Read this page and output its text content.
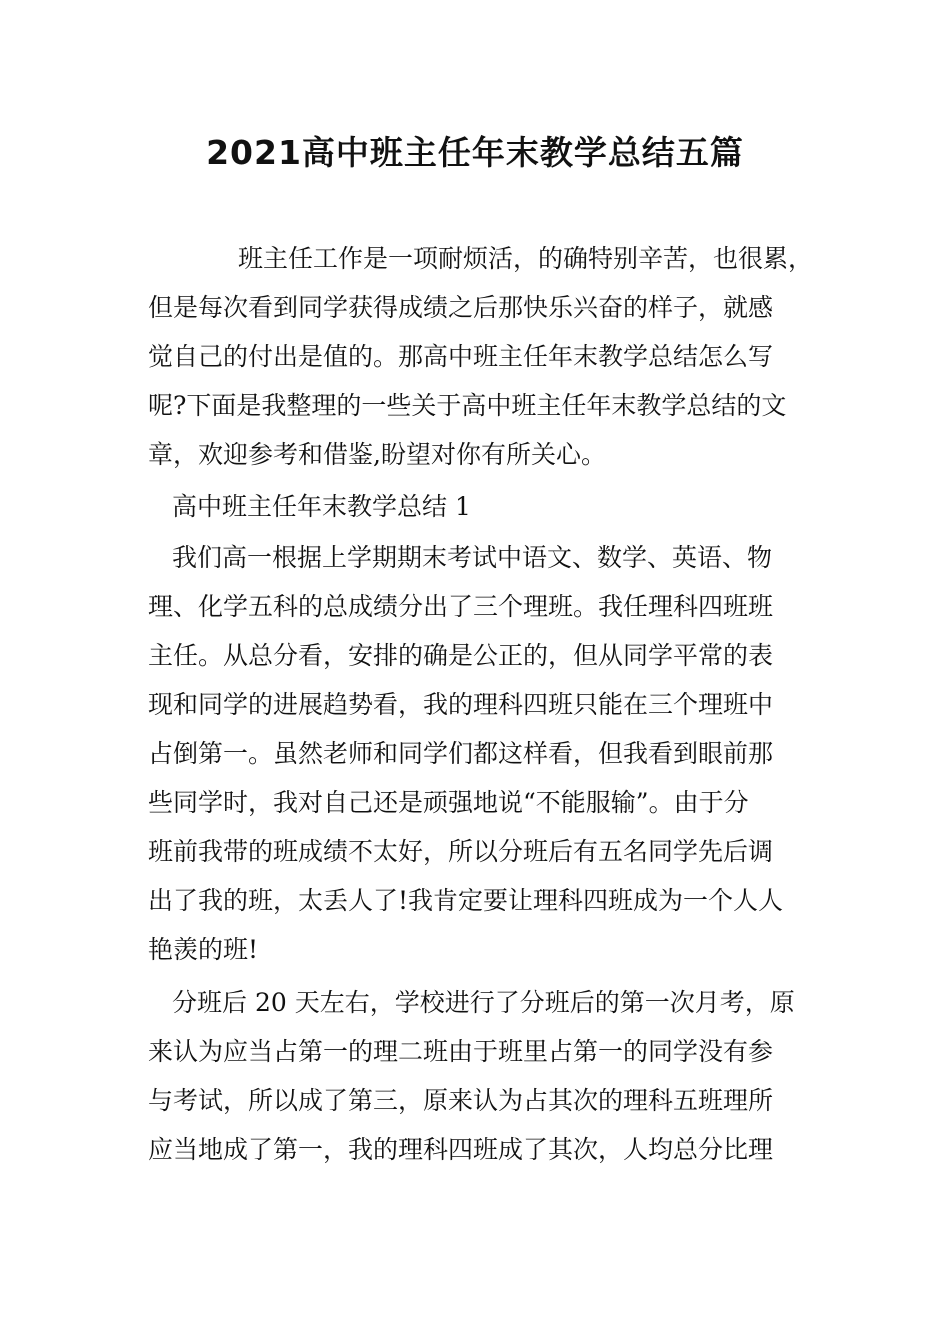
2021高中班主任年末教学总结五篇
班主任工作是一项耐烦活，的确特别辛苦，也很累，
但是每次看到同学获得成绩之后那快乐兴奋的样子，就感
觉自己的付出是值的。那高中班主任年末教学总结怎么写
呢?下面是我整理的一些关于高中班主任年末教学总结的文
章，欢迎参考和借鉴,盼望对你有所关心。
高中班主任年末教学总结 1
我们高一根据上学期期末考试中语文、数学、英语、物
理、化学五科的总成绩分出了三个理班。我任理科四班班
主任。从总分看，安排的确是公正的，但从同学平常的表
现和同学的进展趋势看，我的理科四班只能在三个理班中
占倒第一。虽然老师和同学们都这样看，但我看到眼前那
些同学时，我对自己还是顽强地说“不能服输”。由于分
班前我带的班成绩不太好，所以分班后有五名同学先后调
出了我的班，太丢人了!我肯定要让理科四班成为一个人人
艳羡的班!
分班后 20 天左右，学校进行了分班后的第一次月考，原
来认为应当占第一的理二班由于班里占第一的同学没有参
与考试，所以成了第三，原来认为占其次的理科五班理所
应当地成了第一，我的理科四班成了其次，人均总分比理
